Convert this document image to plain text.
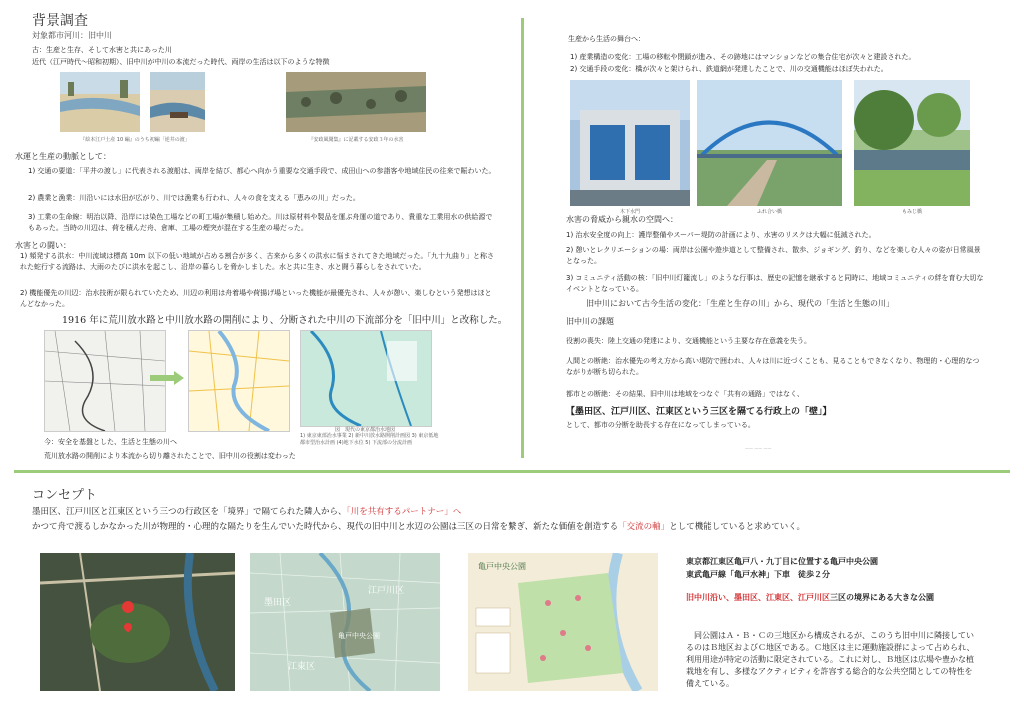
背景調査
対象都市河川：旧中川
古：生産と生存、そして水害と共にあった川
近代（江戸時代〜昭和初期）、旧中川が中川の本流だった時代、両岸の生活は以下のような特徴
『絵本江戸土産 10 編』のうち初編「逆井の渡」	『安政風聞集』に記載する安政３年の水害
水運と生産の動脈として：
1) 交通の要道：「平井の渡し」に代表される渡船は、両岸を結び、都心へ向かう重要な交通手段で、成田山への参詣客や地域住民の往来で賑わいた。
2) 農業と漁業：川沿いには水田が広がり、川では漁業も行われ、人々の食を支える「恵みの川」だった。
3) 工業の生命線：明治以降、沿岸には染色工場などの町工場が集積し始めた。川は原材料や製品を運ぶ舟運の道であり、貴重な工業用水の供給源でもあった。当時の川辺は、荷を積んだ舟、倉庫、工場の煙突が混在する生産の場だった。
水害との闘い：
1) 頻発する洪水：中川流域は標高 10m 以下の低い地域が占める割合が多く、古来から多くの洪水に悩まされてきた地域だった。「九十九曲り」と称された蛇行する流路は、大雨のたびに洪水を起こし、沿岸の暮らしを脅かしました。水と共に生き、水と闘う暮らしをされていた。
2) 機能優先の川辺：治水技術が限られていたため、川辺の利用は舟着場や荷揚げ場といった機能が最優先され、人々が憩い、楽しむという発想はほとんどなかった。
1916 年に荒川放水路と中川放水路の開削により、分断された中川の下流部分を「旧中川」と改称した。
図　現代の東京都治水地図
1) 東京東部治水事業 2) 新中川放水路開削計画図 3) 東京低地都市型治水計画 (4)地下水位 5) 下流部の分流計画
今：安全を基盤とした、生活と生態の川へ
荒川放水路の開削により本流から切り離されたことで、旧中川の役割は変わった
生産から生活の舞台へ：
1) 産業構造の変化：工場の移転や閉鎖が進み、その跡地にはマンションなどの集合住宅が次々と建設された。
2) 交通手段の変化：橋が次々と架けられ、鉄道網が発達したことで、川の交通機能はほぼ失われた。
木下水門	ふれ合い橋	もみじ橋
水害の脅威から親水の空間へ：
1) 治水安全度の向上：護岸整備やスーパー堤防の計画により、水害のリスクは大幅に低減された。
2) 憩いとレクリエーションの場：両岸は公園や遊歩道として整備され、散歩、ジョギング、釣り、などを楽しむ人々の姿が日常風景となった。
3) コミュニティ活動の核：「旧中川灯籠流し」のような行事は、歴史の記憶を継承すると同時に、地域コミュニティの絆を育む大切なイベントとなっている。
旧中川において古今生活の変化：「生産と生存の川」から、現代の「生活と生態の川」
旧中川の課題
役割の喪失：陸上交通の発達により、交通機能という主要な存在意義を失う。
人間との断絶：治水優先の考え方から高い堤防で囲われ、人々は川に近づくことも、見ることもできなくなり、物理的・心理的なつながりが断ち切られた。
都市との断絶：その結果、旧中川は地域をつなぐ「共有の通路」ではなく、
【墨田区、江戸川区、江東区という三区を隔てる行政上の「壁」】
として、都市の分断を助長する存在になってしまっている。
—— —— ——
コンセプト
墨田区、江戸川区と江東区という三つの行政区を「境界」で隔てられた隣人から、「川を共有するパートナー」へ
かつて舟で渡るしかなかった川が物理的・心理的な隔たりを生んでいた時代から、現代の旧中川と水辺の公園は三区の日常を繋ぎ、新たな価値を創造する「交流の軸」として機能していると求めていく。
墨田区
江戸川区
江東区
亀戸中央公園
亀戸中央公園
東京都江東区亀戸八・九丁目に位置する亀戸中央公園
東武亀戸線「亀戸水神」下車　徒歩２分
旧中川沿い、墨田区、江東区、江戸川区三区の境界にある大きな公園
　同公園はＡ・Ｂ・Ｃの三地区から構成されるが、このうち旧中川に隣接しているのはＢ地区およびＣ地区である。Ｃ地区は主に運動施設群によって占められ、利用用途が特定の活動に限定されている。これに対し、Ｂ地区は広場や豊かな植栽地を有し、多様なアクティビティを許容する総合的な公共空間としての特性を備えている。
